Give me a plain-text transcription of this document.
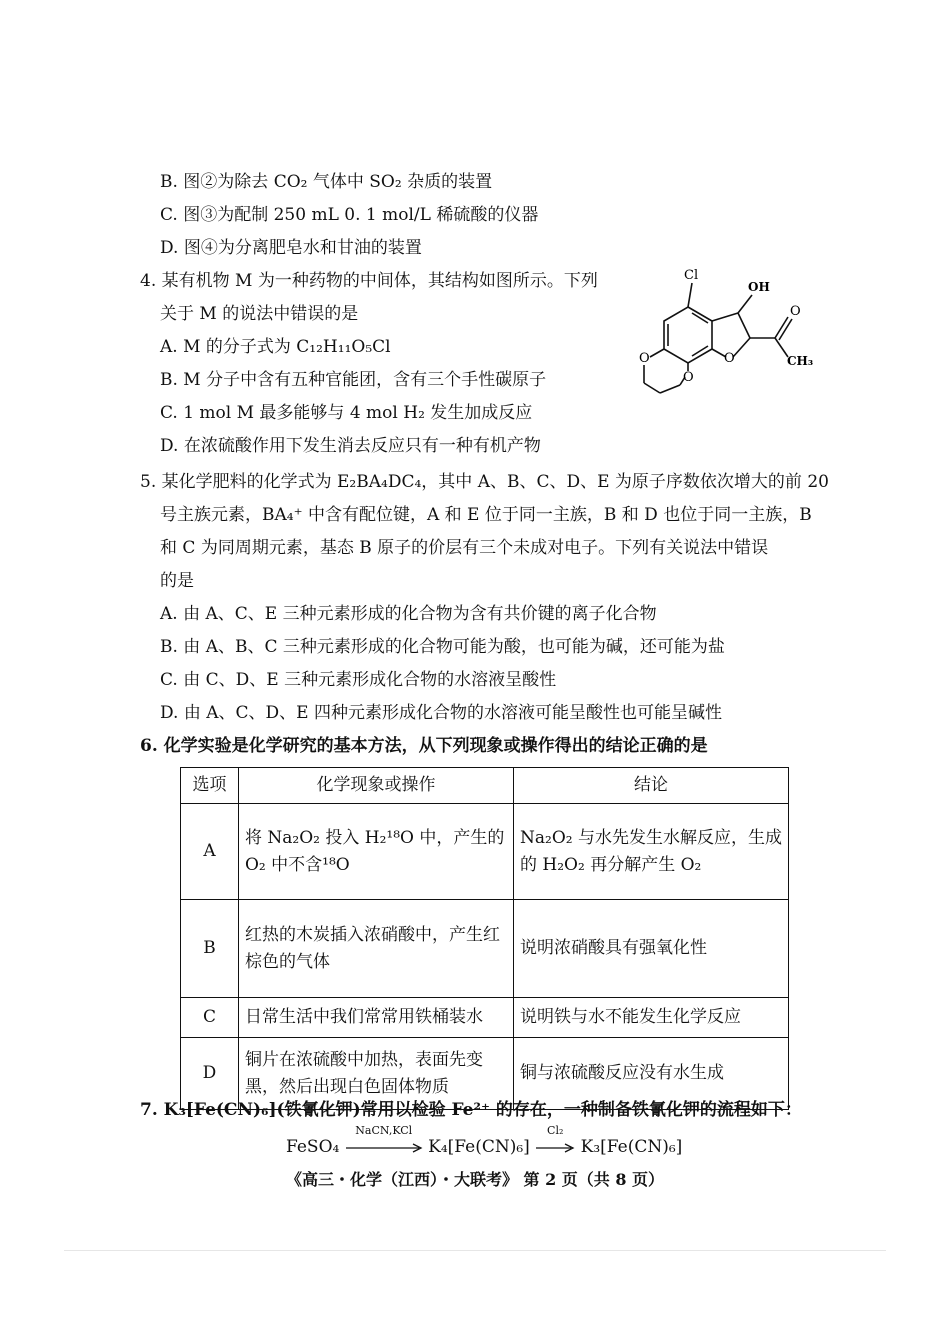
B. 图②为除去 CO₂ 气体中 SO₂ 杂质的装置
C. 图③为配制 250 mL 0. 1 mol/L 稀硫酸的仪器
D. 图④为分离肥皂水和甘油的装置
4. 某有机物 M 为一种药物的中间体，其结构如图所示。下列
关于 M 的说法中错误的是
A. M 的分子式为 C₁₂H₁₁O₅Cl
B. M 分子中含有五种官能团，含有三个手性碳原子
C. 1 mol M 最多能够与 4 mol H₂ 发生加成反应
D. 在浓硫酸作用下发生消去反应只有一种有机产物
Cl
OH
CH₃
O
O
O
O
5. 某化学肥料的化学式为 E₂BA₄DC₄，其中 A、B、C、D、E 为原子序数依次增大的前 20
号主族元素，BA₄⁺ 中含有配位键，A 和 E 位于同一主族，B 和 D 也位于同一主族，B
和 C 为同周期元素，基态 B 原子的价层有三个未成对电子。下列有关说法中错误
的是
A. 由 A、C、E 三种元素形成的化合物为含有共价键的离子化合物
B. 由 A、B、C 三种元素形成的化合物可能为酸，也可能为碱，还可能为盐
C. 由 C、D、E 三种元素形成化合物的水溶液呈酸性
D. 由 A、C、D、E 四种元素形成化合物的水溶液可能呈酸性也可能呈碱性
6. 化学实验是化学研究的基本方法，从下列现象或操作得出的结论正确的是
选项	化学现象或操作	结论
A	将 Na₂O₂ 投入 H₂¹⁸O 中，产生的 O₂ 中不含¹⁸O	Na₂O₂ 与水先发生水解反应，生成的 H₂O₂ 再分解产生 O₂
B	红热的木炭插入浓硝酸中，产生红棕色的气体	说明浓硝酸具有强氧化性
C	日常生活中我们常常用铁桶装水	说明铁与水不能发生化学反应
D	铜片在浓硫酸中加热，表面先变黑，然后出现白色固体物质	铜与浓硫酸反应没有水生成
7. K₃[Fe(CN)₆](铁氰化钾)常用以检验 Fe²⁺ 的存在，一种制备铁氰化钾的流程如下：
FeSO₄
NaCN,KCl
K₄[Fe(CN)₆]
Cl₂
K₃[Fe(CN)₆]
《高三・化学（江西）・大联考》 第 2 页（共 8 页）
